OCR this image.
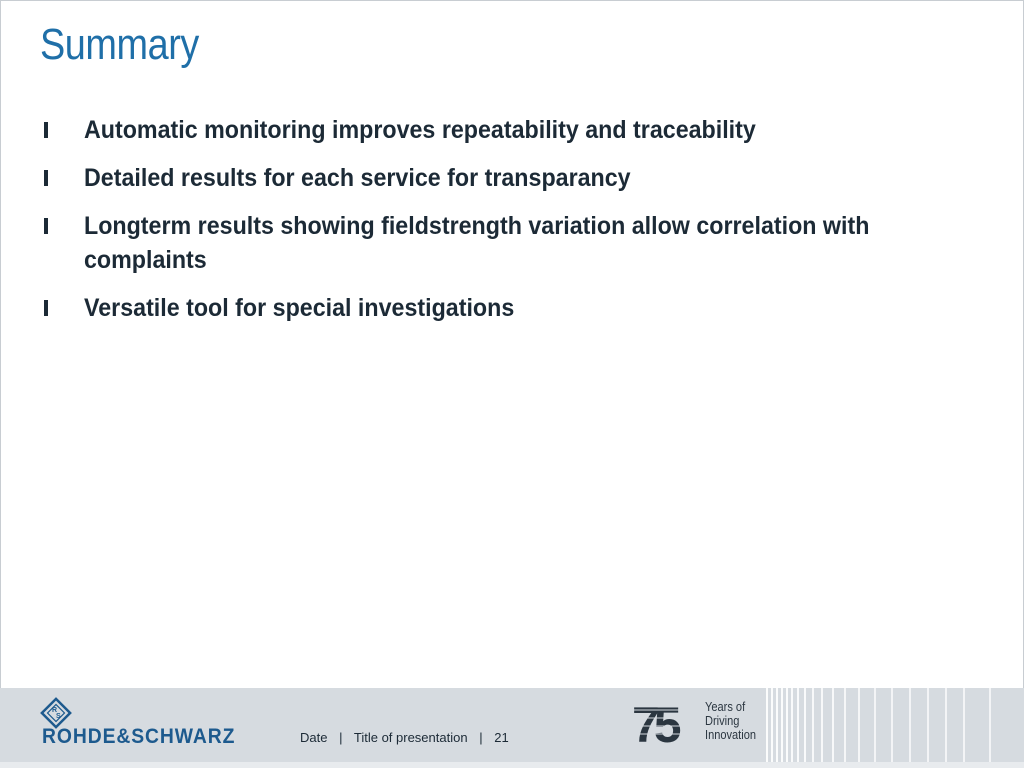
Summary
Automatic monitoring improves repeatability and traceability
Detailed results for each service for transparancy
Longterm results showing fieldstrength variation allow correlation with complaints
Versatile tool for special investigations
R
S
ROHDE&SCHWARZ	Date | Title of presentation | 21 75	Years of
Driving
Innovation
